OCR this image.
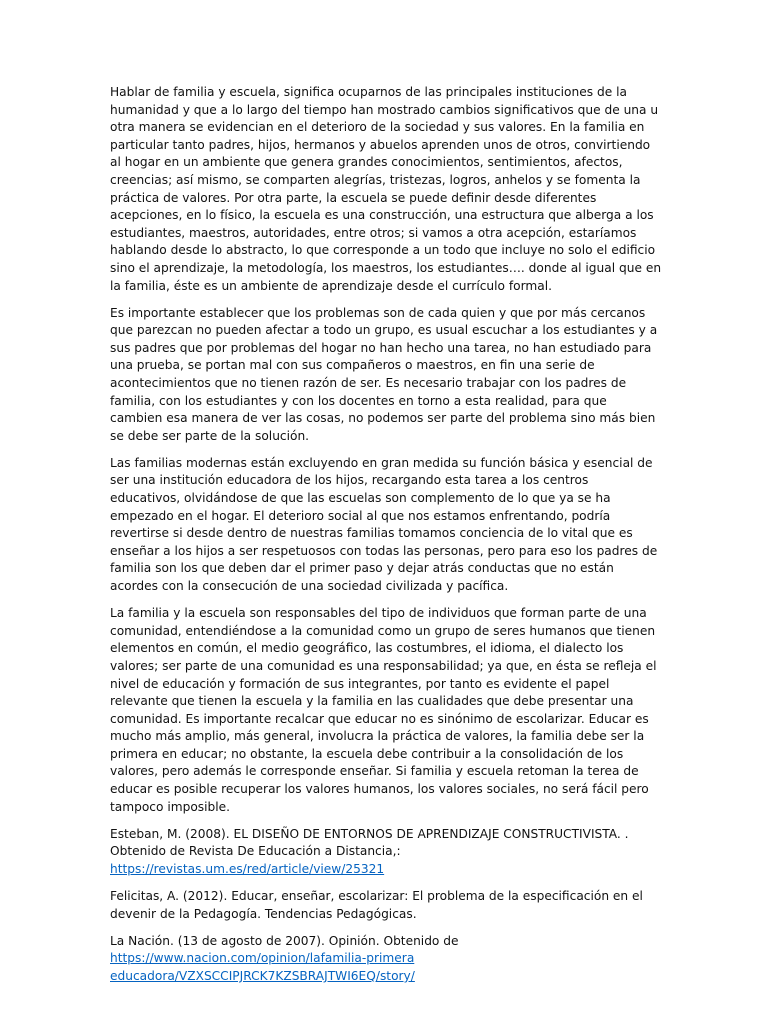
Hablar de familia y escuela, significa ocuparnos de las principales instituciones de la humanidad y que a lo largo del tiempo han mostrado cambios significativos que de una u otra manera se evidencian en el deterioro de la sociedad y sus valores. En la familia en particular tanto padres, hijos, hermanos y abuelos aprenden unos de otros, convirtiendo al hogar en un ambiente que genera grandes conocimientos, sentimientos, afectos, creencias; así mismo, se comparten alegrías, tristezas, logros, anhelos y se fomenta la práctica de valores. Por otra parte, la escuela se puede definir desde diferentes acepciones, en lo físico, la escuela es una construcción, una estructura que alberga a los estudiantes, maestros, autoridades, entre otros; si vamos a otra acepción, estaríamos hablando desde lo abstracto, lo que corresponde a un todo que incluye no solo el edificio sino el aprendizaje, la metodología, los maestros, los estudiantes…. donde al igual que en la familia, éste es un ambiente de aprendizaje desde el currículo formal.

Es importante establecer que los problemas son de cada quien y que por más cercanos que parezcan no pueden afectar a todo un grupo, es usual escuchar a los estudiantes y a sus padres que por problemas del hogar no han hecho una tarea, no han estudiado para una prueba, se portan mal con sus compañeros o maestros, en fin una serie de acontecimientos que no tienen razón de ser. Es necesario trabajar con los padres de familia, con los estudiantes y con los docentes en torno a esta realidad, para que cambien esa manera de ver las cosas, no podemos ser parte del problema sino más bien se debe ser parte de la solución.

Las familias modernas están excluyendo en gran medida su función básica y esencial de ser una institución educadora de los hijos, recargando esta tarea a los centros educativos, olvidándose de que las escuelas son complemento de lo que ya se ha empezado en el hogar. El deterioro social al que nos estamos enfrentando, podría revertirse si desde dentro de nuestras familias tomamos conciencia de lo vital que es enseñar a los hijos a ser respetuosos con todas las personas, pero para eso los padres de familia son los que deben dar el primer paso y dejar atrás conductas que no están acordes con la consecución de una sociedad civilizada y pacífica.

La familia y la escuela son responsables del tipo de individuos que forman parte de una comunidad, entendiéndose a la comunidad como un grupo de seres humanos que tienen elementos en común, el medio geográfico, las costumbres, el idioma, el dialecto los valores; ser parte de una comunidad es una responsabilidad; ya que, en ésta se refleja el nivel de educación y formación de sus integrantes, por tanto es evidente el papel relevante que tienen la escuela y la familia en las cualidades que debe presentar una comunidad. Es importante recalcar que educar no es sinónimo de escolarizar. Educar es mucho más amplio, más general, involucra la práctica de valores, la familia debe ser la primera en educar; no obstante, la escuela debe contribuir a la consolidación de los valores, pero además le corresponde enseñar. Si familia y escuela retoman la terea de educar es posible recuperar los valores humanos, los valores sociales, no será fácil pero tampoco imposible.

Esteban, M. (2008). EL DISEÑO DE ENTORNOS DE APRENDIZAJE CONSTRUCTIVISTA. . Obtenido de Revista De Educación a Distancia,: https://revistas.um.es/red/article/view/25321

Felicitas, A. (2012). Educar, enseñar, escolarizar: El problema de la especificación en el devenir de la Pedagogía. Tendencias Pedagógicas.

La Nación. (13 de agosto de 2007). Opinión. Obtenido de
https://www.nacion.com/opinion/lafamilia-primera educadora/VZXSCCIPJRCK7KZSBRAJTWI6EQ/story/
